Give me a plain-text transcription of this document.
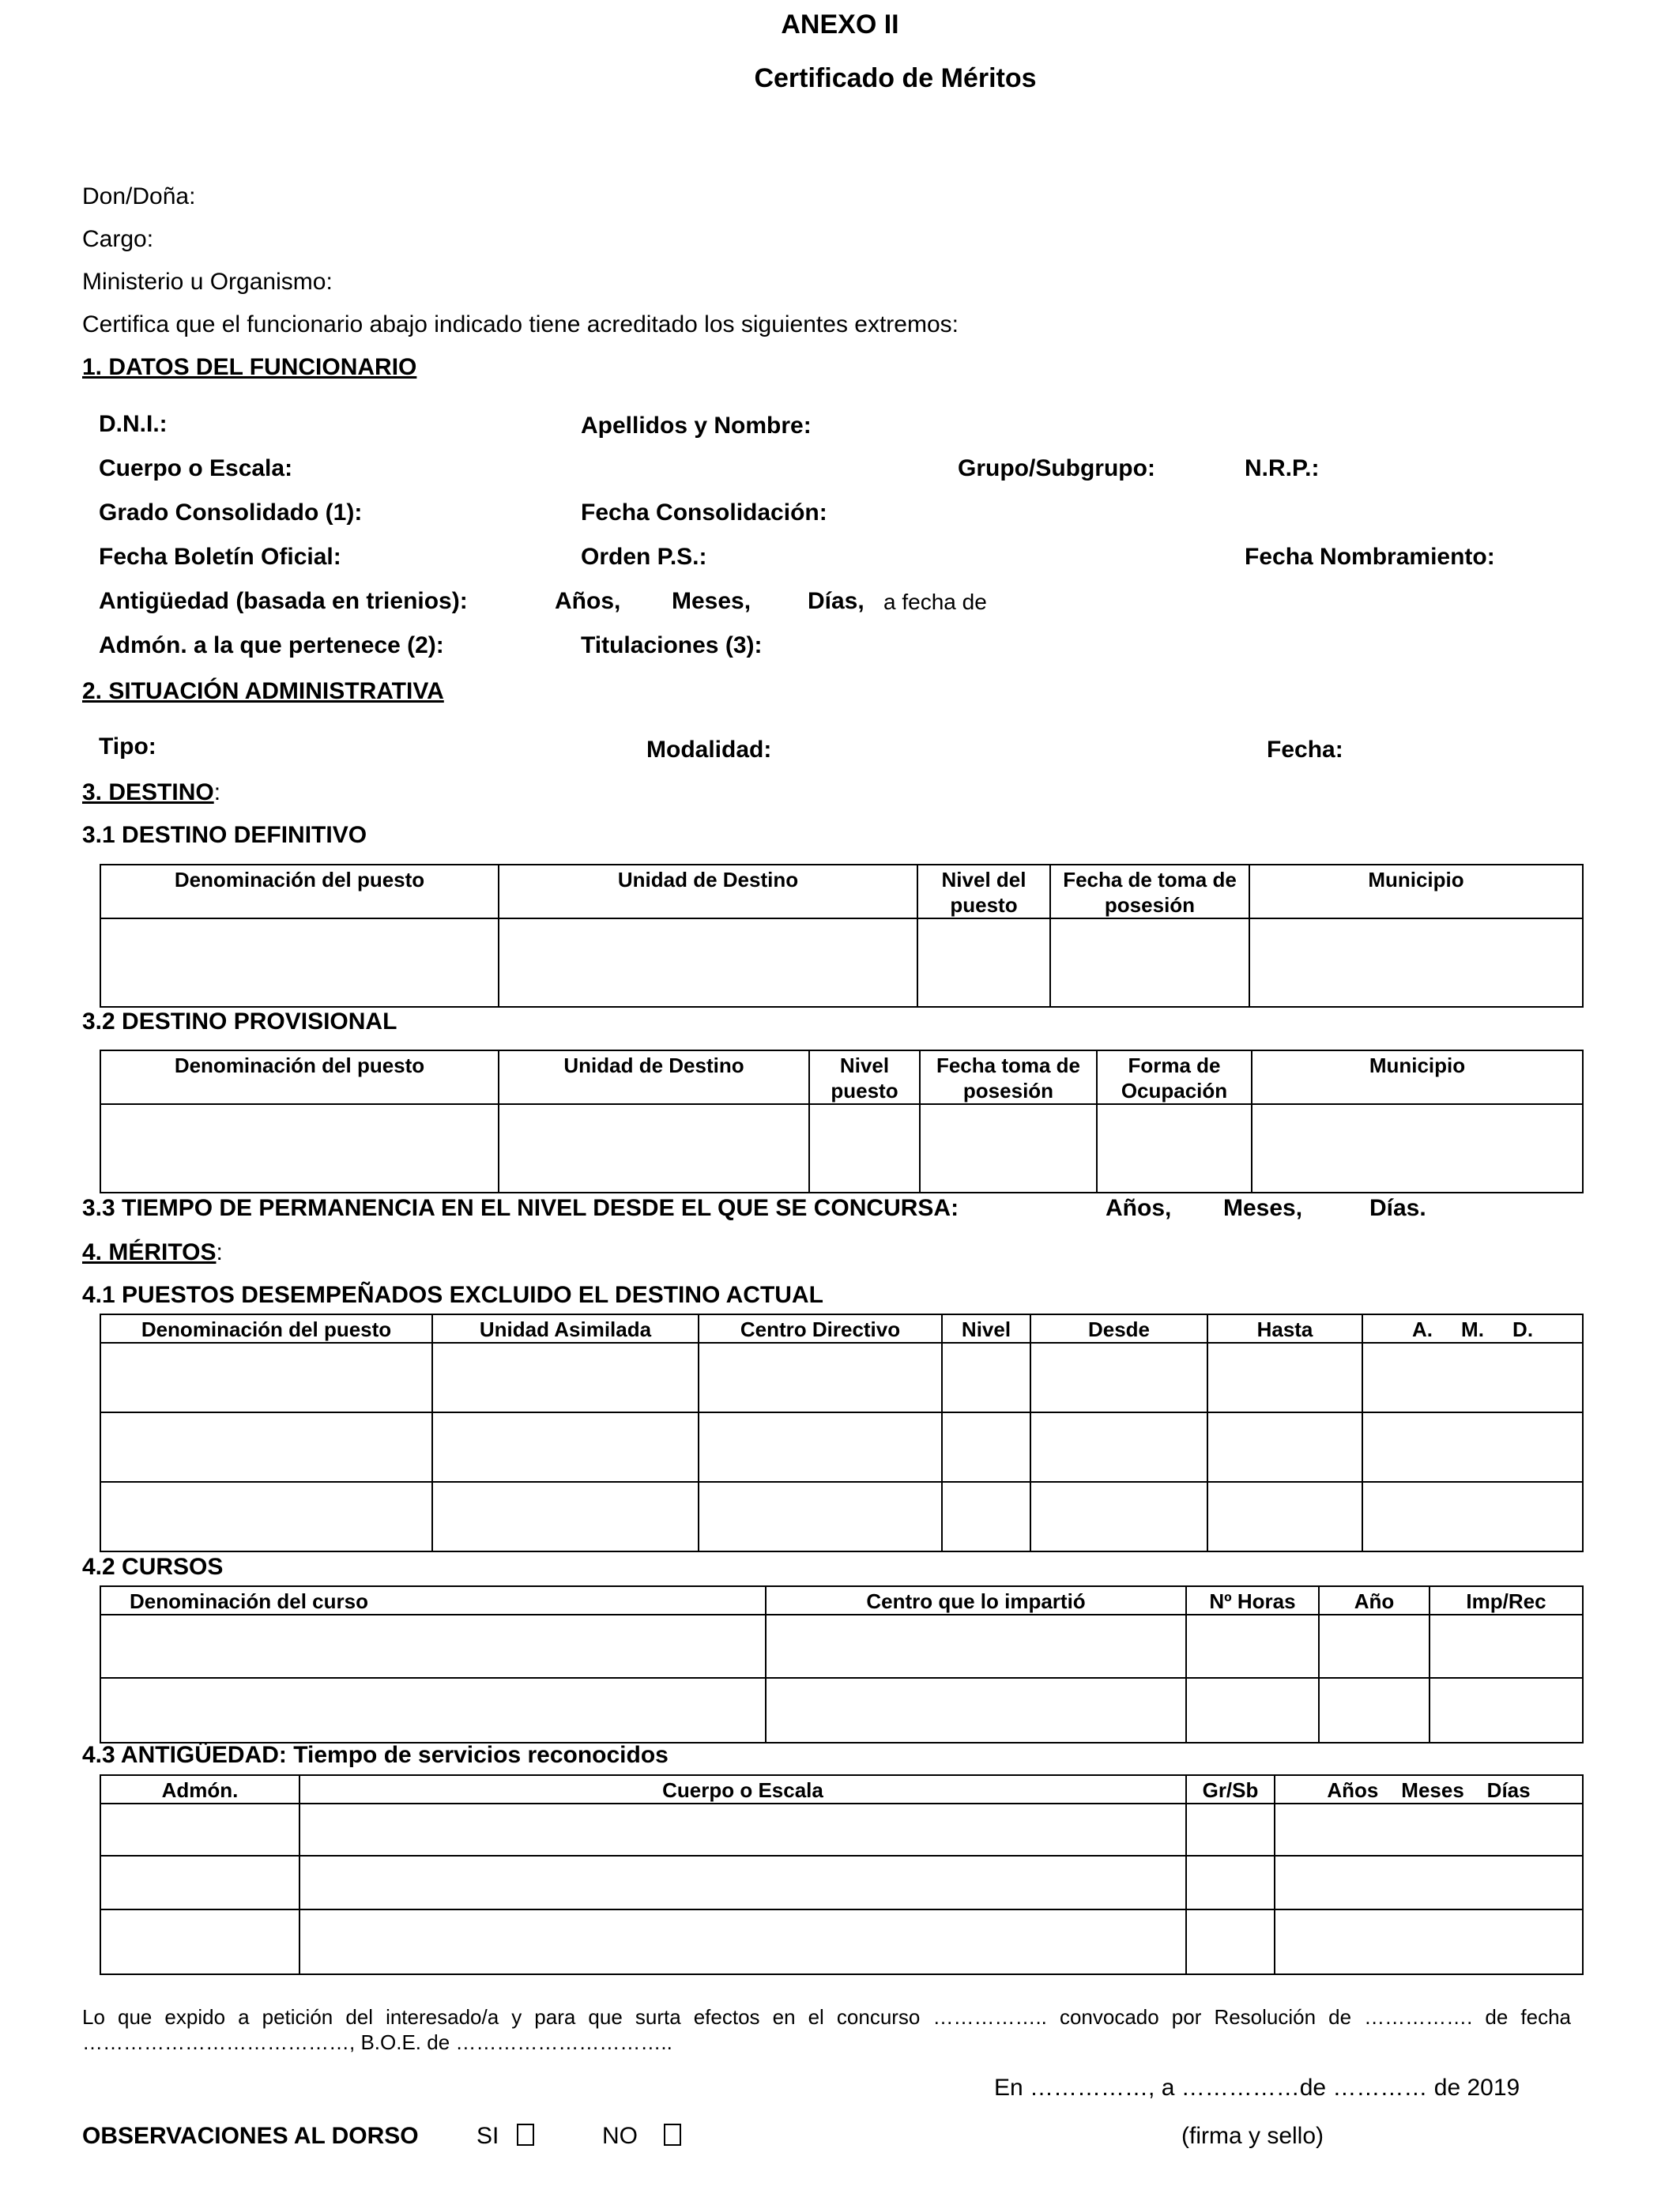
ANEXO II
Certificado de Méritos
Don/Doña:
Cargo:
Ministerio u Organismo:
Certifica que el funcionario abajo indicado tiene acreditado los siguientes extremos:
1. DATOS DEL FUNCIONARIO
D.N.I.:	Apellidos y Nombre:
Cuerpo o Escala:	Grupo/Subgrupo:	N.R.P.:
Grado Consolidado (1):	Fecha Consolidación:
Fecha Boletín Oficial:	Orden P.S.:	Fecha Nombramiento:
Antigüedad (basada en trienios):	Años, Meses, Días, a fecha de
Admón. a la que pertenece (2):	Titulaciones (3):
2. SITUACIÓN ADMINISTRATIVA
Tipo:	Modalidad:	Fecha:
3. DESTINO:
3.1 DESTINO DEFINITIVO
Denominación del puesto	Unidad de Destino	Nivel del puesto	Fecha de toma de posesión	Municipio

3.2 DESTINO PROVISIONAL
Denominación del puesto	Unidad de Destino	Nivel puesto	Fecha toma de posesión	Forma de Ocupación	Municipio

3.3 TIEMPO DE PERMANENCIA EN EL NIVEL DESDE EL QUE SE CONCURSA:	Años, Meses,	Días.
4. MÉRITOS:
4.1 PUESTOS DESEMPEÑADOS EXCLUIDO EL DESTINO ACTUAL
Denominación del puesto	Unidad Asimilada	Centro Directivo	Nivel	Desde	Hasta	A.     M.     D.

4.2 CURSOS
Denominación del curso	Centro que lo impartió	Nº Horas	Año	Imp/Rec

4.3 ANTIGÜEDAD: Tiempo de servicios reconocidos
Admón.	Cuerpo o Escala	Gr/Sb	Años    Meses    Días

Lo que expido a petición del interesado/a y para que surta efectos en el concurso …………….. convocado por Resolución de ……………. de fecha …………………………………, B.O.E. de …………………………..
En ……………, a ……………de ………… de 2019
OBSERVACIONES AL DORSO SI	NO	(firma y sello)
